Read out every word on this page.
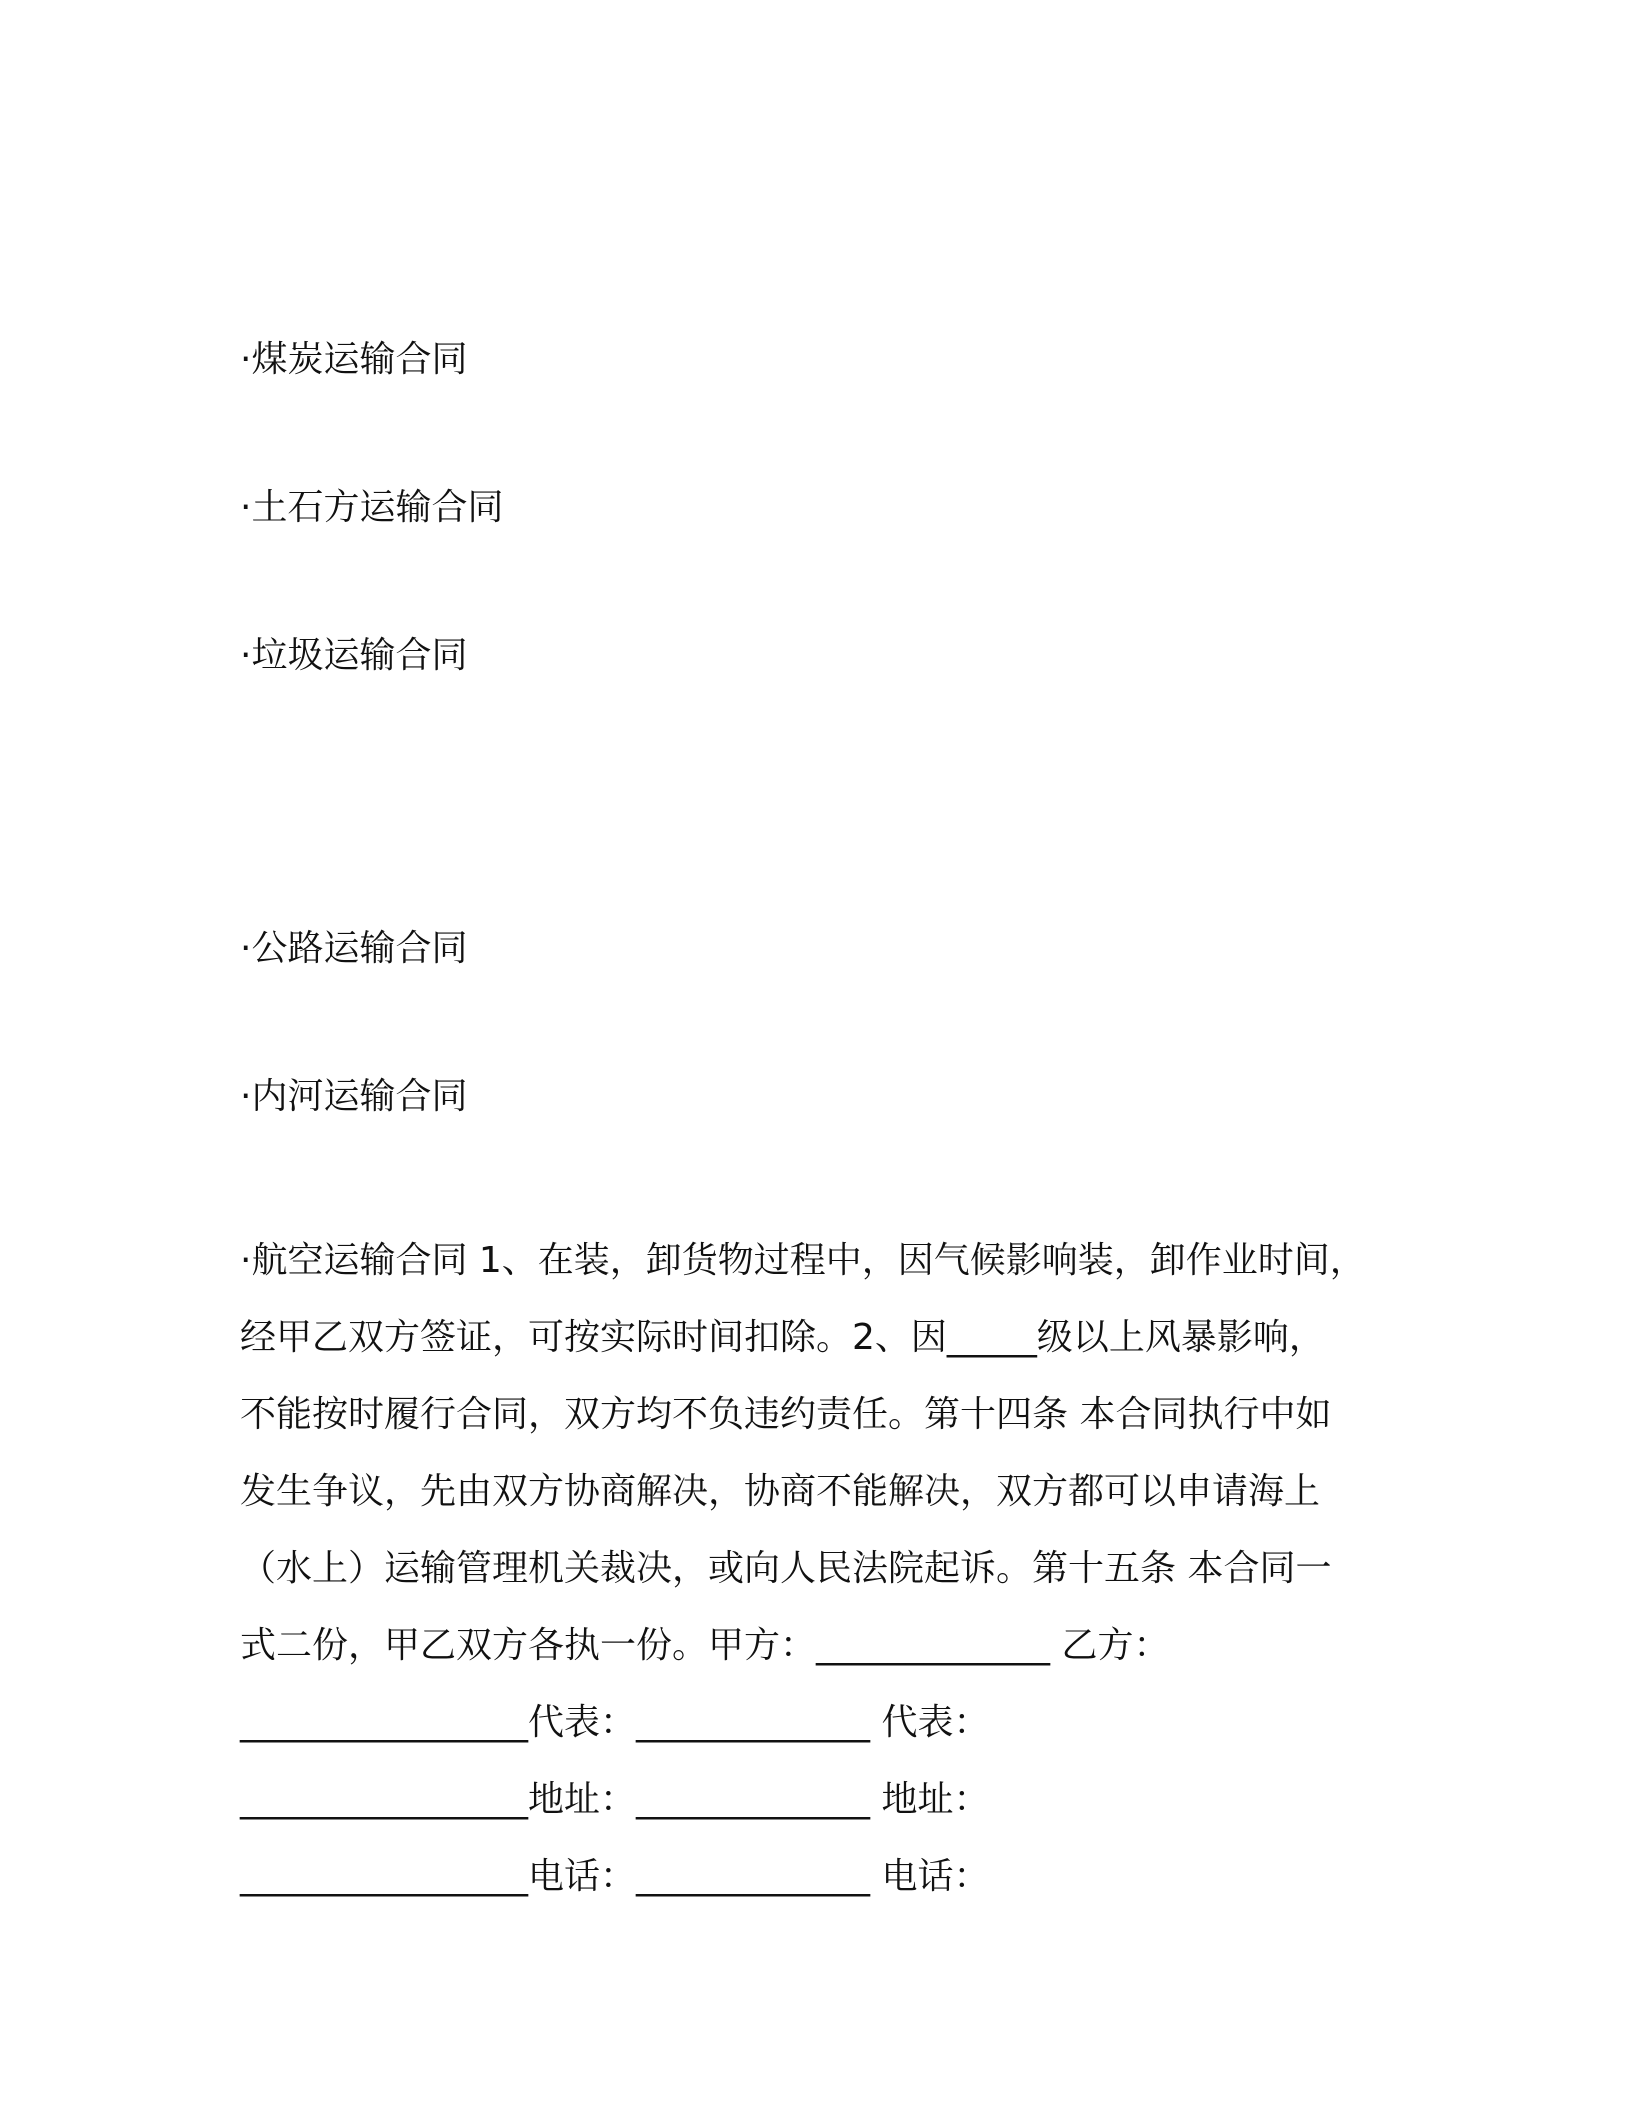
·煤炭运输合同

·土石方运输合同

·垃圾运输合同

·公路运输合同

·内河运输合同

·航空运输合同 1、在装，卸货物过程中，因气候影响装，卸作业时间，
经甲乙双方签证，可按实际时间扣除。2、因_____级以上风暴影响，
不能按时履行合同，双方均不负违约责任。第十四条 本合同执行中如
发生争议，先由双方协商解决，协商不能解决，双方都可以申请海上
（水上）运输管理机关裁决，或向人民法院起诉。第十五条 本合同一
式二份，甲乙双方各执一份。甲方：_____________ 乙方：
________________代表：_____________ 代表：
________________地址：_____________ 地址：
________________电话：_____________ 电话：
